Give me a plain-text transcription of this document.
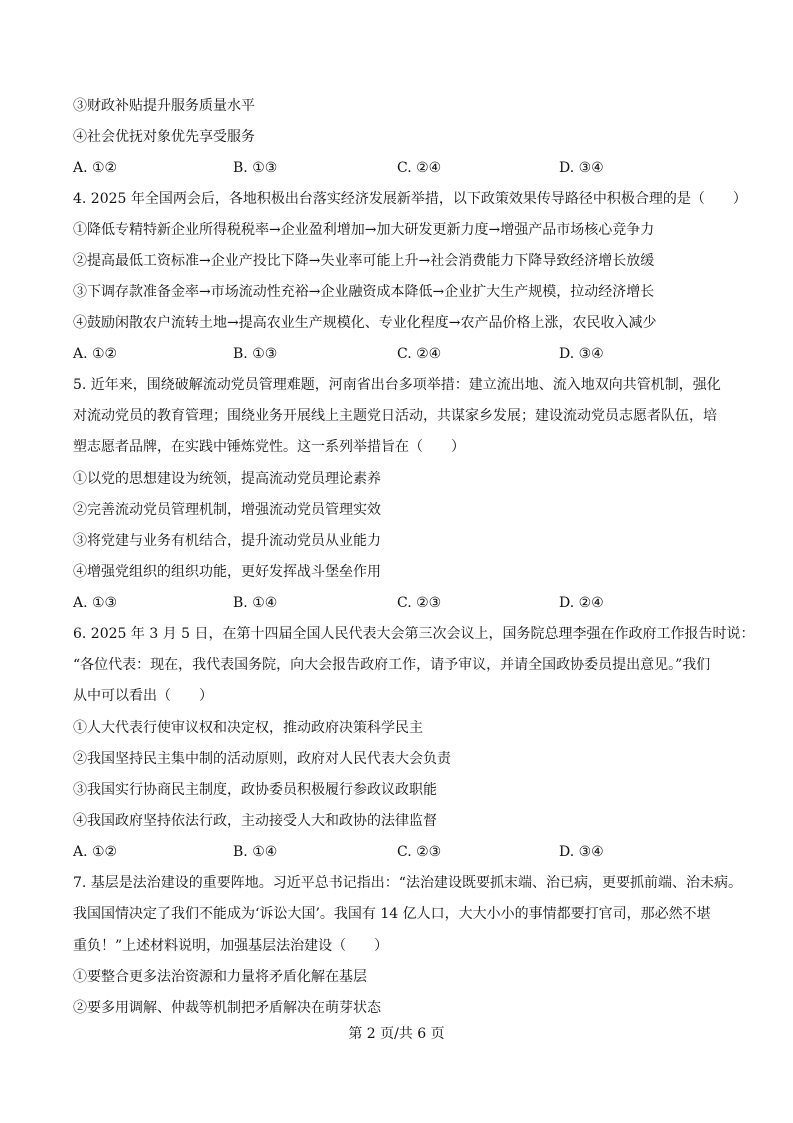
③财政补贴提升服务质量水平
④社会优抚对象优先享受服务
A. ①②	B. ①③	C. ②④	D. ③④
4. 2025 年全国两会后，各地积极出台落实经济发展新举措，以下政策效果传导路径中积极合理的是（　　）
①降低专精特新企业所得税税率→企业盈利增加→加大研发更新力度→增强产品市场核心竞争力
②提高最低工资标准→企业产投比下降→失业率可能上升→社会消费能力下降导致经济增长放缓
③下调存款准备金率→市场流动性充裕→企业融资成本降低→企业扩大生产规模，拉动经济增长
④鼓励闲散农户流转土地→提高农业生产规模化、专业化程度→农产品价格上涨，农民收入减少
A. ①②	B. ①③	C. ②④	D. ③④
5. 近年来，围绕破解流动党员管理难题，河南省出台多项举措：建立流出地、流入地双向共管机制，强化
对流动党员的教育管理；围绕业务开展线上主题党日活动，共谋家乡发展；建设流动党员志愿者队伍，培
塑志愿者品牌，在实践中锤炼党性。这一系列举措旨在（　　）
①以党的思想建设为统领，提高流动党员理论素养
②完善流动党员管理机制，增强流动党员管理实效
③将党建与业务有机结合，提升流动党员从业能力
④增强党组织的组织功能，更好发挥战斗堡垒作用
A. ①③	B. ①④	C. ②③	D. ②④
6. 2025 年 3 月 5 日，在第十四届全国人民代表大会第三次会议上，国务院总理李强在作政府工作报告时说：
“各位代表：现在，我代表国务院，向大会报告政府工作，请予审议，并请全国政协委员提出意见。”我们
从中可以看出（　　）
①人大代表行使审议权和决定权，推动政府决策科学民主
②我国坚持民主集中制的活动原则，政府对人民代表大会负责
③我国实行协商民主制度，政协委员积极履行参政议政职能
④我国政府坚持依法行政，主动接受人大和政协的法律监督
A. ①②	B. ①④	C. ②③	D. ③④
7. 基层是法治建设的重要阵地。习近平总书记指出：“法治建设既要抓末端、治已病，更要抓前端、治未病。
我国国情决定了我们不能成为‘诉讼大国’。我国有 14 亿人口，大大小小的事情都要打官司，那必然不堪
重负！”上述材料说明，加强基层法治建设（　　）
①要整合更多法治资源和力量将矛盾化解在基层
②要多用调解、仲裁等机制把矛盾解决在萌芽状态
第 2 页/共 6 页
